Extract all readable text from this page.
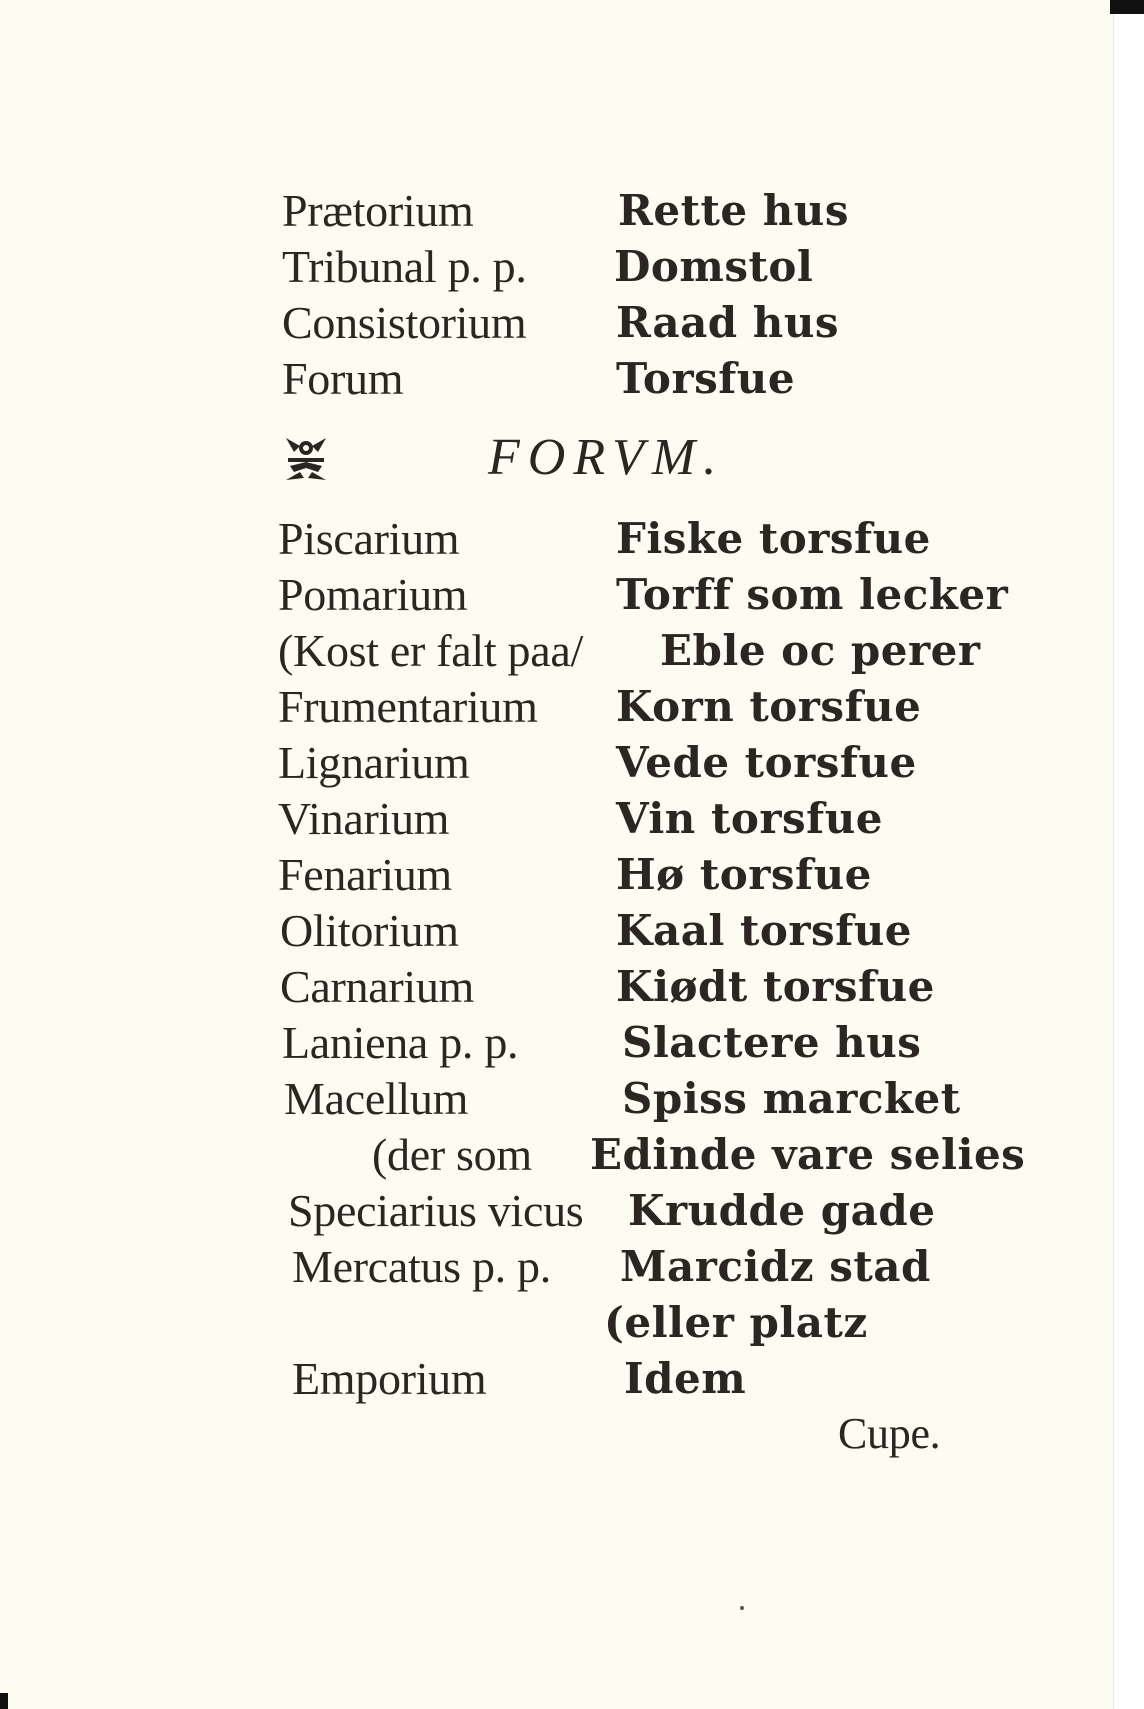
Prætorium	Rette hus
Tribunal p. p. Domstol
Consistorium Raad hus
Forum	Torsfue
FORVM.
Piscarium	Fiske torsfue
Pomarium	Torff som lecker
(Kost er falt paa/ Eble oc perer
Frumentarium Korn torsfue
Lignarium	Vede torsfue
Vinarium	Vin torsfue
Fenarium	Hø torsfue
Olitorium	Kaal torsfue
Carnarium	Kiødt torsfue
Laniena p. p. Slactere hus
Macellum	Spiss marcket
(der som Edinde vare selies
Speciarius vicus Krudde gade
Mercatus p. p. Marcidz stad
(eller platz
Emporium	Idem
Cupe.
